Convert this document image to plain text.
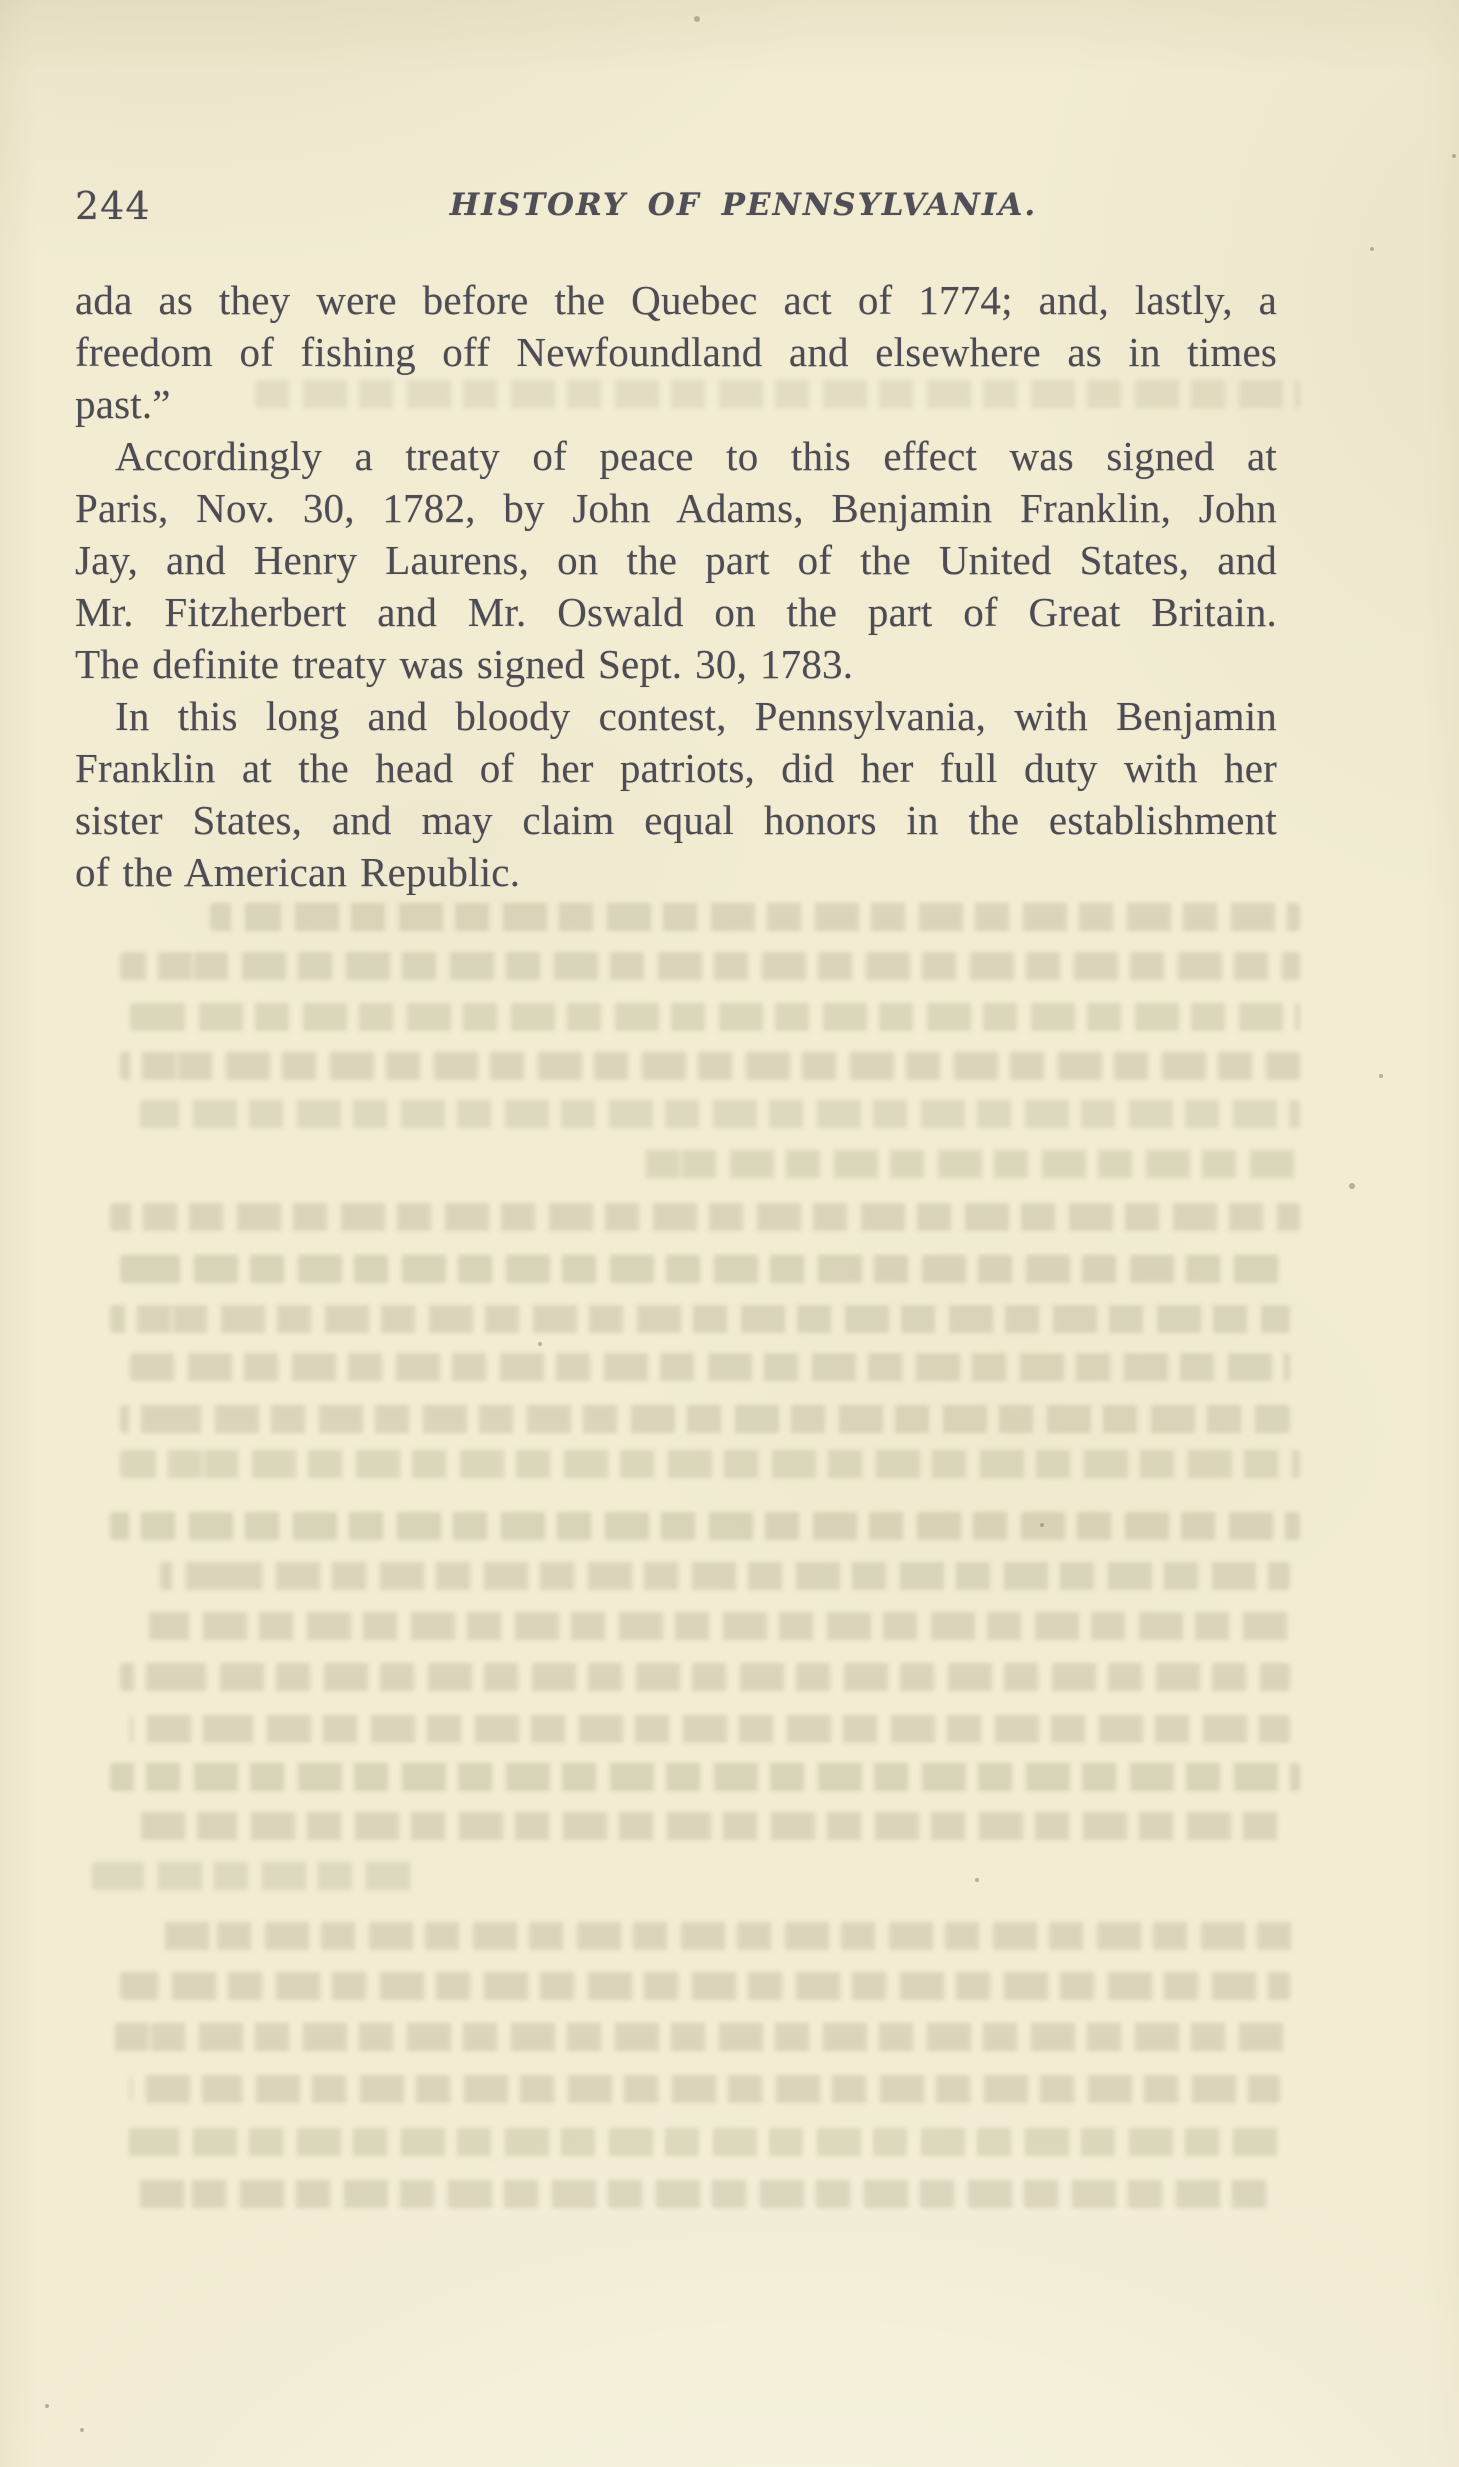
244	HISTORY OF PENNSYLVANIA.
ada as they were before the Quebec act of 1774; and, lastly, a
freedom of fishing off Newfoundland and elsewhere as in times
past.”
Accordingly a treaty of peace to this effect was signed at
Paris, Nov. 30, 1782, by John Adams, Benjamin Franklin, John
Jay, and Henry Laurens, on the part of the United States, and
Mr. Fitzherbert and Mr. Oswald on the part of Great Britain.
The definite treaty was signed Sept. 30, 1783.
In this long and bloody contest, Pennsylvania, with Benjamin
Franklin at the head of her patriots, did her full duty with her
sister States, and may claim equal honors in the establishment
of the American Republic.
